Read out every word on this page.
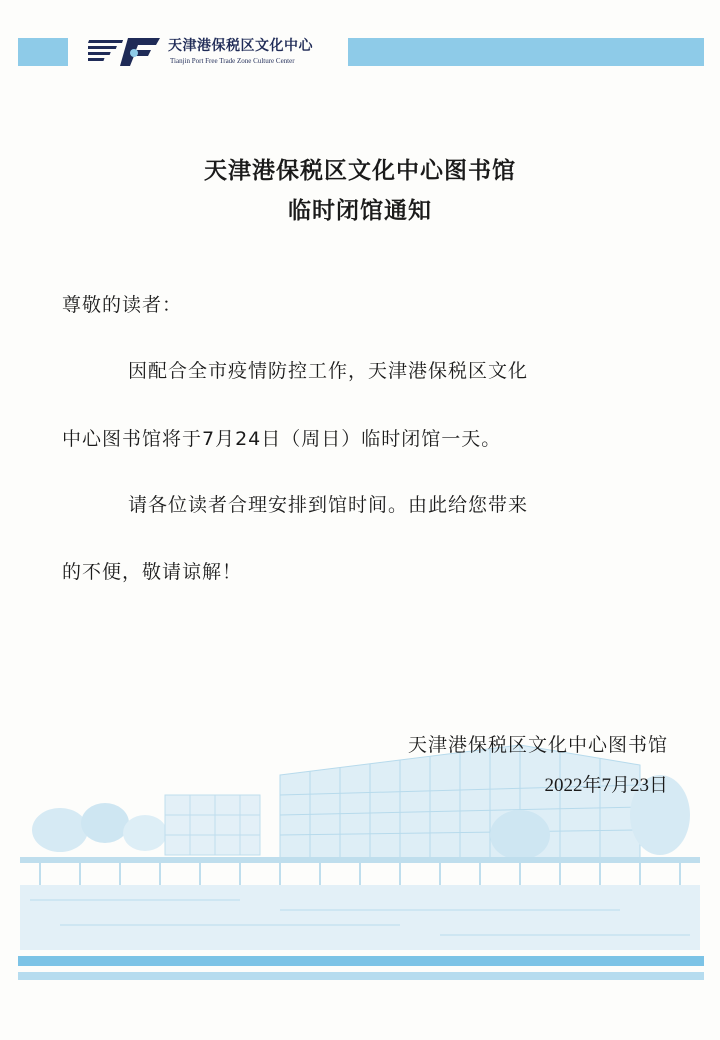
天津港保税区文化中心
Tianjin Port Free Trade Zone Culture Center
天津港保税区文化中心图书馆
临时闭馆通知
尊敬的读者：
因配合全市疫情防控工作，天津港保税区文化
中心图书馆将于7月24日（周日）临时闭馆一天。
请各位读者合理安排到馆时间。由此给您带来
的不便，敬请谅解！
天津港保税区文化中心图书馆
2022年7月23日
